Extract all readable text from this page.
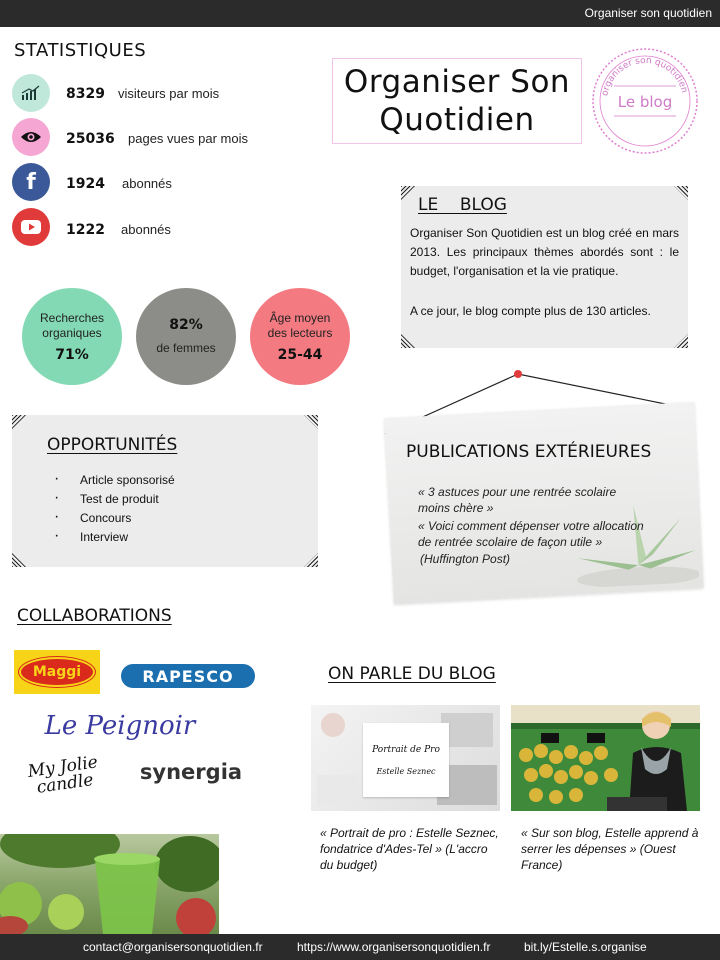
Organiser son quotidien
STATISTIQUES
8329 visiteurs par mois
25036 pages vues par mois
f 1924 abonnés
1222 abonnés
Recherches organiques
71%
82%
de femmes
Âge moyen des lecteurs
25-44
Organiser Son
Quotidien
organiser son quotidien
Le blog
LE    BLOG
Organiser Son Quotidien est un blog créé en mars 2013. Les principaux thèmes abordés sont : le budget, l'organisation et la vie pratique.
A ce jour, le blog compte plus de 130 articles.
OPPORTUNITÉS
· Article sponsorisé
· Test de produit
· Concours
· Interview
PUBLICATIONS EXTÉRIEURES
« 3 astuces pour une rentrée scolaire moins chère »
« Voici comment dépenser votre allocation de rentrée scolaire de façon utile »
(Huffington Post)
COLLABORATIONS
Maggi	RAPESCO
Le Peignoir
My Jolie candle	synergia
ON PARLE DU BLOG
Portrait de Pro
Estelle Seznec
« Portrait de pro : Estelle Seznec, fondatrice d'Ades-Tel » (L'accro du budget)
« Sur son blog, Estelle apprend à serrer les dépenses » (Ouest France)
contact@organisersonquotidien.fr	https://www.organisersonquotidien.fr	bit.ly/Estelle.s.organise
